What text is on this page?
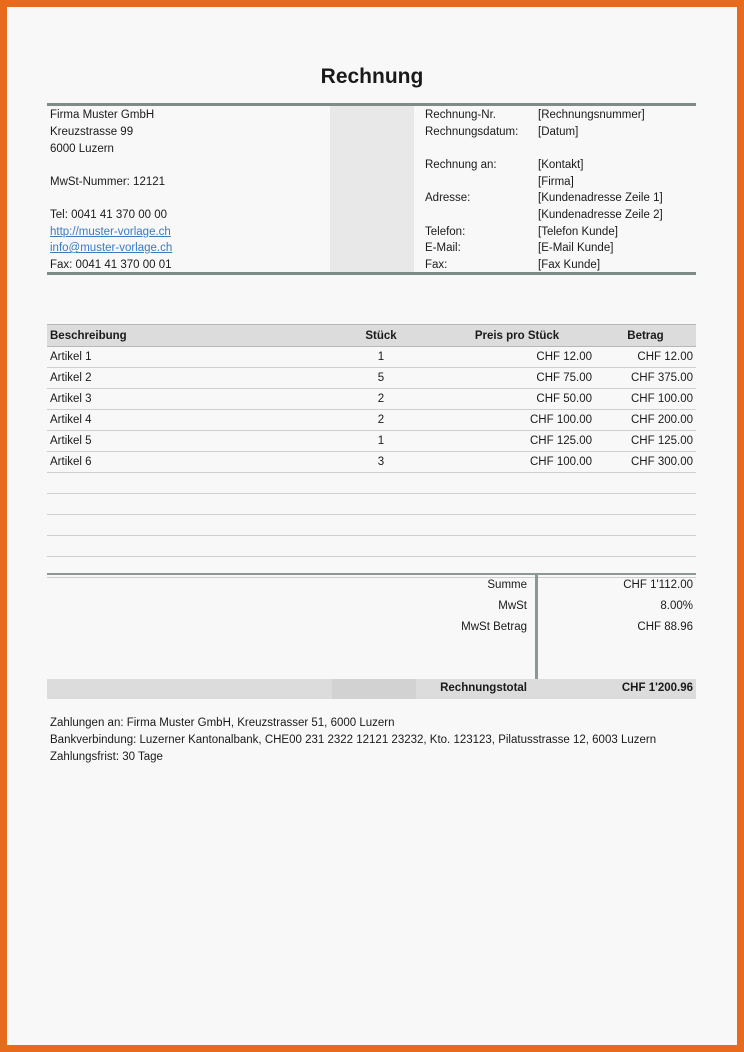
Rechnung
Firma Muster GmbH
Kreuzstrasse 99
6000 Luzern
MwSt-Nummer: 12121
Tel: 0041 41 370 00 00
http://muster-vorlage.ch
info@muster-vorlage.ch
Fax: 0041 41 370 00 01
Rechnung-Nr.	[Rechnungsnummer]
Rechnungsdatum: [Datum]
Rechnung an:	[Kontakt]
[Firma]
Adresse:	[Kundenadresse Zeile 1]
[Kundenadresse Zeile 2]
Telefon:	[Telefon Kunde]
E-Mail:	[E-Mail Kunde]
Fax:	[Fax Kunde]
Beschreibung	Stück	Preis pro Stück	Betrag
Artikel 1	1	CHF 12.00	CHF 12.00
Artikel 2	5	CHF 75.00	CHF 375.00
Artikel 3	2	CHF 50.00	CHF 100.00
Artikel 4	2	CHF 100.00	CHF 200.00
Artikel 5	1	CHF 125.00	CHF 125.00
Artikel 6	3	CHF 100.00	CHF 300.00

Summe	CHF 1'112.00
MwSt	8.00%
MwSt Betrag	CHF 88.96
Rechnungstotal	CHF 1'200.96
Zahlungen an: Firma Muster GmbH, Kreuzstrasser 51, 6000 Luzern
Bankverbindung: Luzerner Kantonalbank, CHE00 231 2322 12121 23232, Kto. 123123, Pilatusstrasse 12, 6003 Luzern
Zahlungsfrist: 30 Tage
